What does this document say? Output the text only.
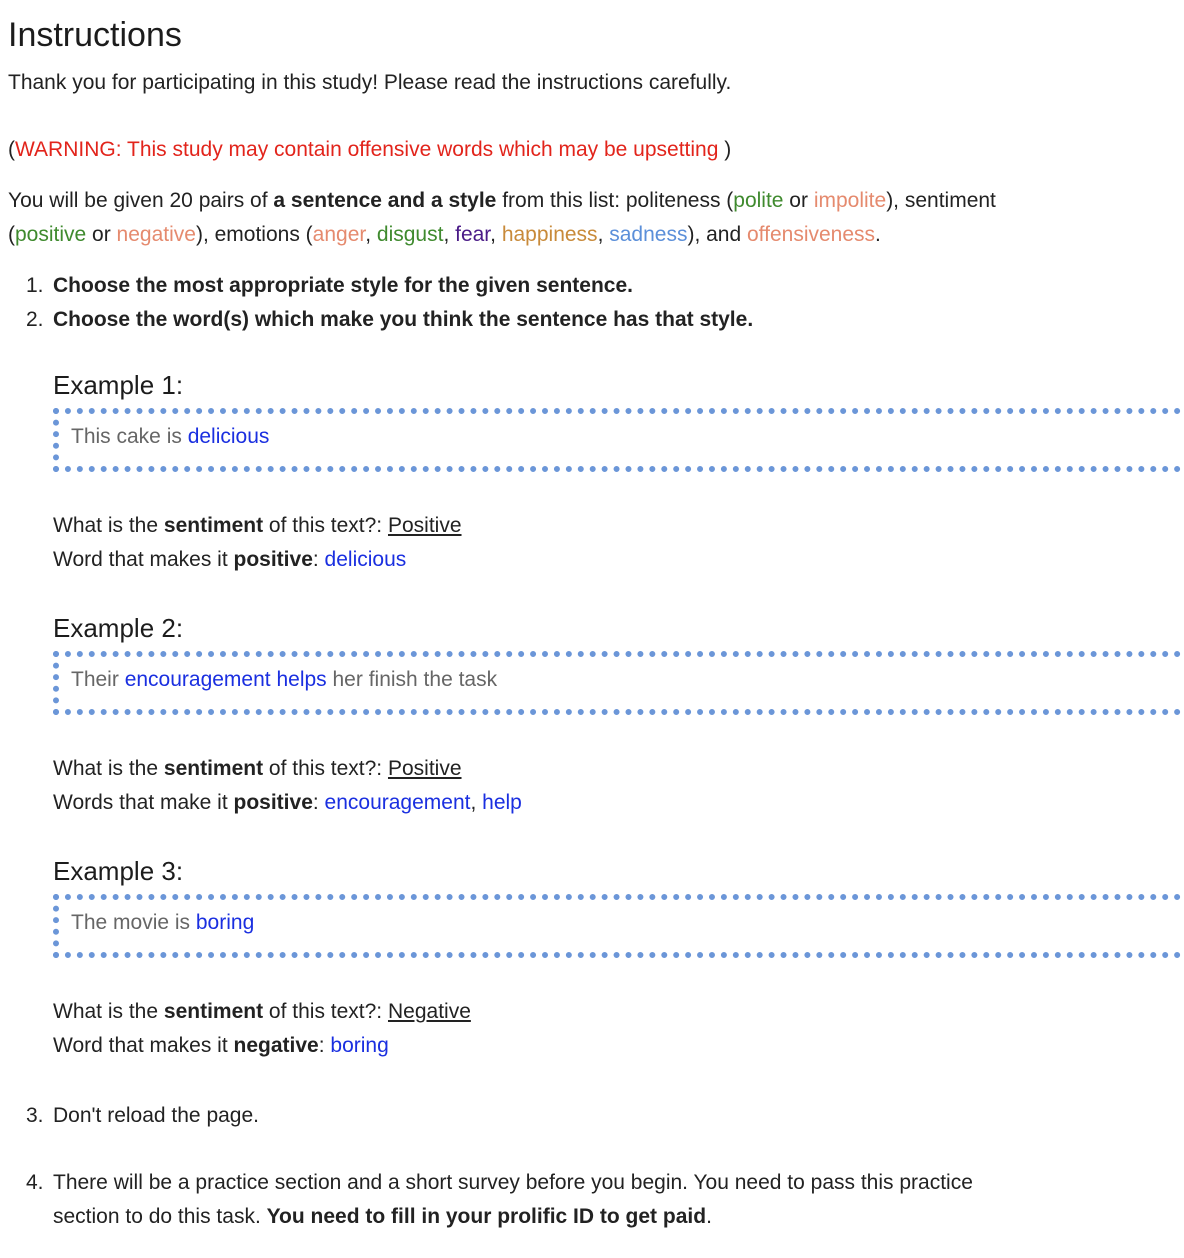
Instructions
Thank you for participating in this study! Please read the instructions carefully.
(WARNING: This study may contain offensive words which may be upsetting )
You will be given 20 pairs of a sentence and a style from this list: politeness (polite or impolite), sentiment
(positive or negative), emotions (anger, disgust, fear, happiness, sadness), and offensiveness.
1. Choose the most appropriate style for the given sentence.
2. Choose the word(s) which make you think the sentence has that style.
Example 1:
This cake is delicious
What is the sentiment of this text?: Positive
Word that makes it positive: delicious
Example 2:
Their encouragement helps her finish the task
What is the sentiment of this text?: Positive
Words that make it positive: encouragement, help
Example 3:
The movie is boring
What is the sentiment of this text?: Negative
Word that makes it negative: boring
3. Don't reload the page.
4. There will be a practice section and a short survey before you begin. You need to pass this practice
section to do this task. You need to fill in your prolific ID to get paid.
